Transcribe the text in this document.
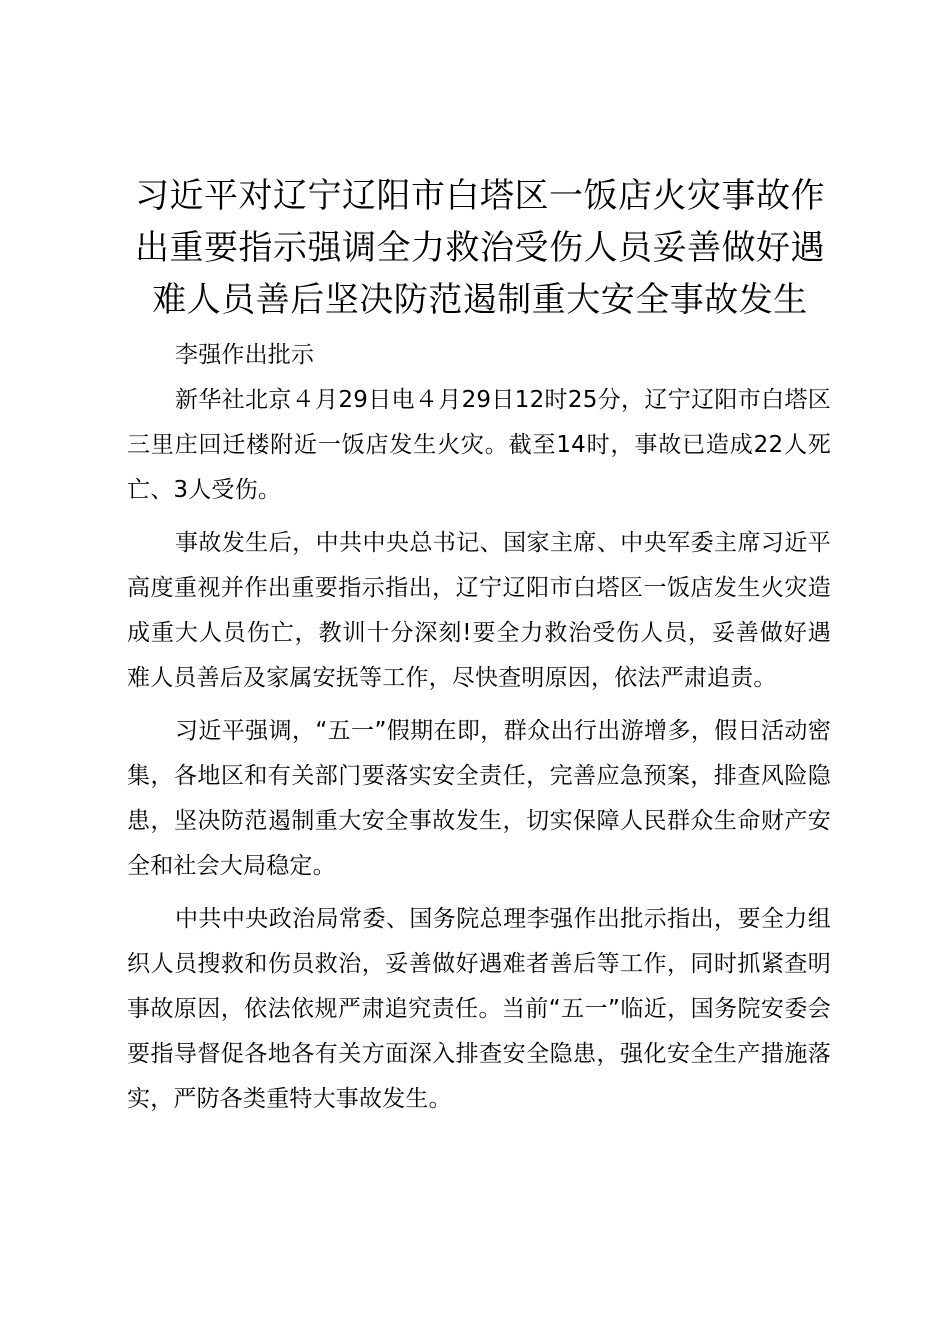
习近平对辽宁辽阳市白塔区一饭店火灾事故作出重要指示强调全力救治受伤人员妥善做好遇难人员善后坚决防范遏制重大安全事故发生

李强作出批示

新华社北京４月29日电４月29日12时25分，辽宁辽阳市白塔区三里庄回迁楼附近一饭店发生火灾。截至14时，事故已造成22人死亡、3人受伤。

事故发生后，中共中央总书记、国家主席、中央军委主席习近平高度重视并作出重要指示指出，辽宁辽阳市白塔区一饭店发生火灾造成重大人员伤亡，教训十分深刻!要全力救治受伤人员，妥善做好遇难人员善后及家属安抚等工作，尽快查明原因，依法严肃追责。

习近平强调，“五一”假期在即，群众出行出游增多，假日活动密集，各地区和有关部门要落实安全责任，完善应急预案，排查风险隐患，坚决防范遏制重大安全事故发生，切实保障人民群众生命财产安全和社会大局稳定。

中共中央政治局常委、国务院总理李强作出批示指出，要全力组织人员搜救和伤员救治，妥善做好遇难者善后等工作，同时抓紧查明事故原因，依法依规严肃追究责任。当前“五一”临近，国务院安委会要指导督促各地各有关方面深入排查安全隐患，强化安全生产措施落实，严防各类重特大事故发生。
